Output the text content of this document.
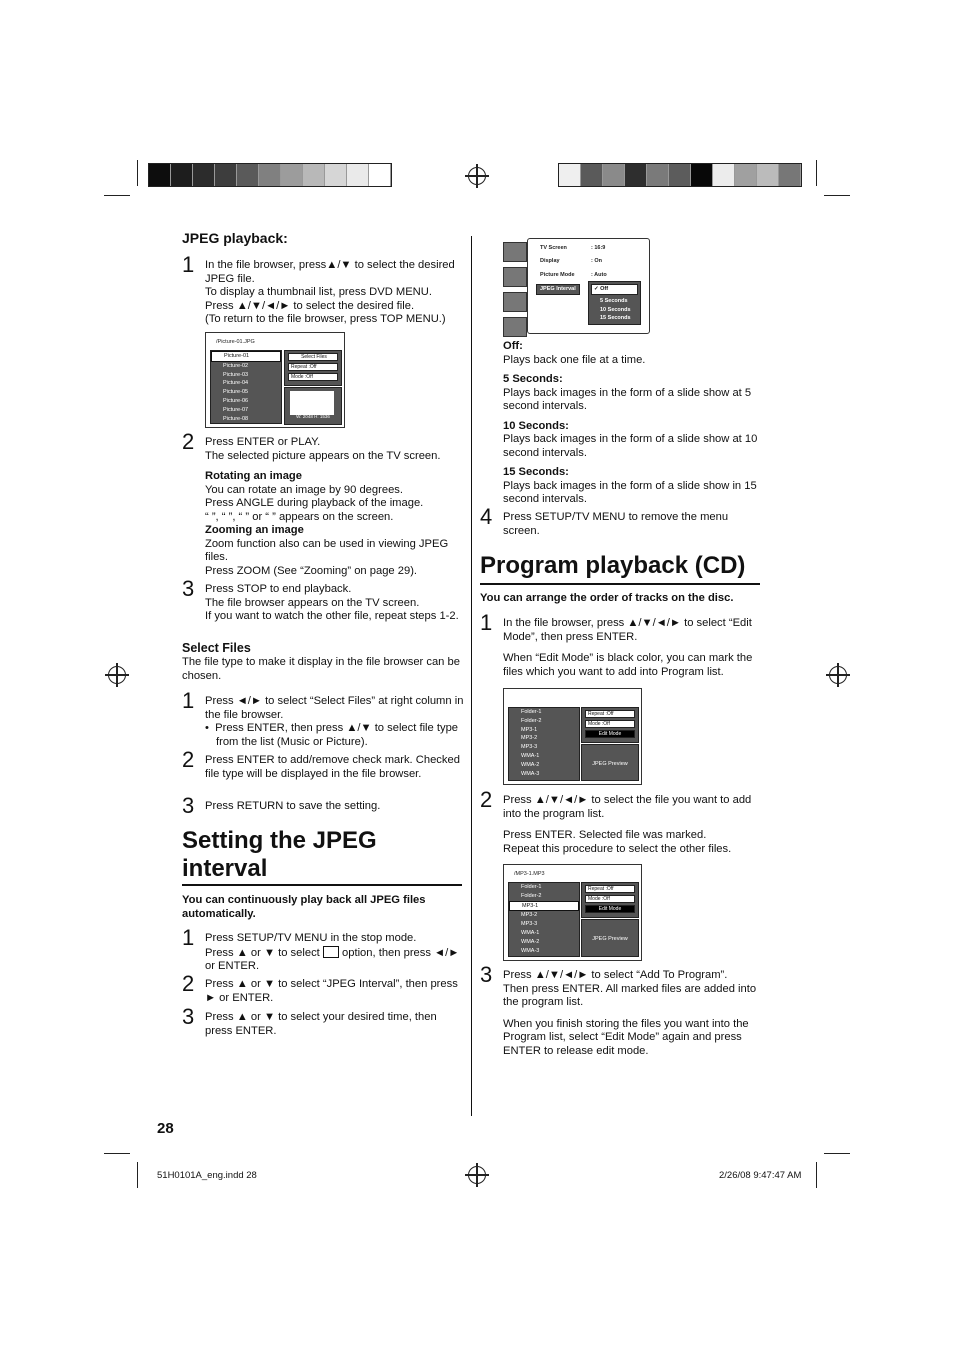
JPEG playback:
1 In the file browser, press▲/▼ to select the desired JPEG file.

To display a thumbnail list, press DVD MENU.

Press ▲/▼/◄/► to select the desired file.

(To return to the file browser, press TOP MENU.)

/Picture-01.JPG
Picture-01
Picture-02
Picture-03
Picture-04
Picture-05
Picture-06
Picture-07
Picture-08
Select Files
Repeat :Off
Mode :Off
W: 2048 H: 1536
2 Press ENTER or PLAY.

The selected picture appears on the TV screen.

Rotating an image

You can rotate an image by 90 degrees.

Press ANGLE during playback of the image.

“ ”, “ ”, “ ” or “ ” appears on the screen.

Zooming an image

Zoom function also can be used in viewing JPEG files.

Press ZOOM (See “Zooming” on page 29).

3 Press STOP to end playback.

The file browser appears on the TV screen.

If you want to watch the other file, repeat steps 1-2.

Select Files
The file type to make it display in the file browser can be chosen.
1 Press ◄/► to select “Select Files” at right column in the file browser.

•  Press ENTER, then press ▲/▼ to select file type from the list (Music or Picture).

2 Press ENTER to add/remove check mark. Checked file type will be displayed in the file browser.

3 Press RETURN to save the setting.

Setting the JPEG
interval
You can continuously play back all JPEG files automatically.
1 Press SETUP/TV MENU in the stop mode.

Press ▲ or ▼ to select option, then press ◄/► or ENTER.

2 Press ▲ or ▼ to select “JPEG Interval”, then press ► or ENTER.

3 Press ▲ or ▼ to select your desired time, then press ENTER.

28
TV Screen	: 16:9
Display	: On
Picture Mode	: Auto
JPEG Interval	✓ Off
5 Seconds
10 Seconds
15 Seconds

Off:

Plays back one file at a time.

5 Seconds:

Plays back images in the form of a slide show at 5 second intervals.

10 Seconds:

Plays back images in the form of a slide show at 10 second intervals.

15 Seconds:

Plays back images in the form of a slide show in 15 second intervals.

4 Press SETUP/TV MENU to remove the menu screen.

Program playback (CD)
You can arrange the order of tracks on the disc.
1 In the file browser, press ▲/▼/◄/► to select “Edit Mode”, then press ENTER.

When “Edit Mode” is black color, you can mark the files which you want to add into Program list.

Folder-1
Folder-2
MP3-1
MP3-2
MP3-3
WMA-1
WMA-2
WMA-3
Repeat :Off
Mode :Off
Edit Mode
JPEG Preview
2 Press ▲/▼/◄/► to select the file you want to add into the program list.

Press ENTER. Selected file was marked.

Repeat this procedure to select the other files.

/MP3-1.MP3
Folder-1
Folder-2
MP3-1
MP3-2
MP3-3
WMA-1
WMA-2
WMA-3
Repeat :Off
Mode :Off
Edit Mode
JPEG Preview
3 Press ▲/▼/◄/► to select “Add To Program”.

Then press ENTER. All marked files are added into the program list.

When you finish storing the files you want into the Program list, select “Edit Mode” again and press ENTER to release edit mode.

51H0101A_eng.indd 28	2/26/08 9:47:47 AM
